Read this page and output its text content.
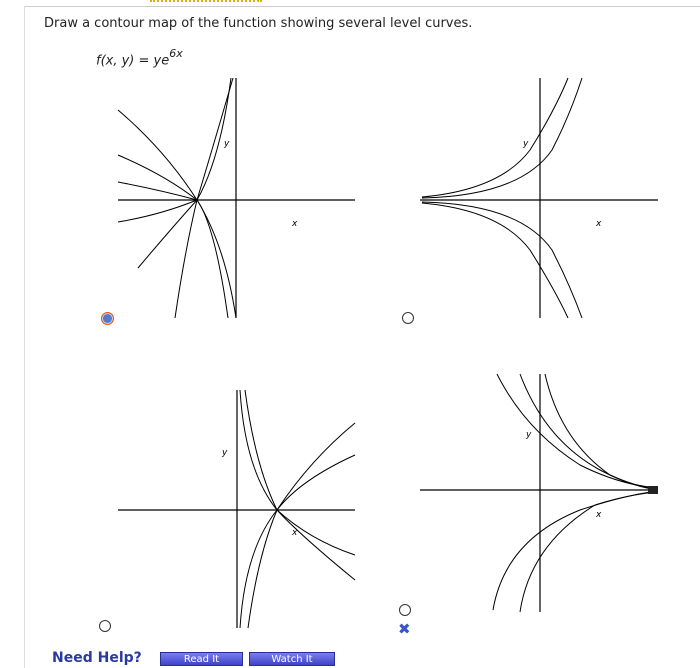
Draw a contour map of the function showing several level curves.
f(x, $y) = ye^{6x}$
y
x
y
x
y
x
y
x
✖
Need Help?	Read It	Watch It
